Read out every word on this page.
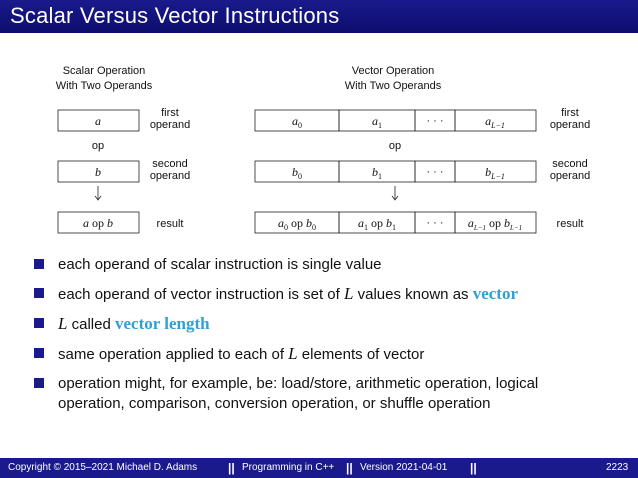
Scalar Versus Vector Instructions
Scalar Operation
With Two Operands
Vector Operation
With Two Operands
a
op
b
a op b
first
operand
second
operand
result
$a_0$	$a_1$	· · ·	$a_{L-1}$
op
$b_0$	$b_1$	· · ·	$b_{L-1}$
$a_0$ op $b_0$	$a_1$ op $b_1$	· · · $a_{L-1}$ op $b_{L-1}$
first
operand
second
operand
result
each operand of scalar instruction is single value
each operand of vector instruction is set of L values known as vector
L called vector length
same operation applied to each of L elements of vector
operation might, for example, be: load/store, arithmetic operation, logical
operation, comparison, conversion operation, or shuffle operation
Copyright © 2015–2021 Michael D. Adams	|| Programming in C++ || Version 2021-04-01 ||	2223
